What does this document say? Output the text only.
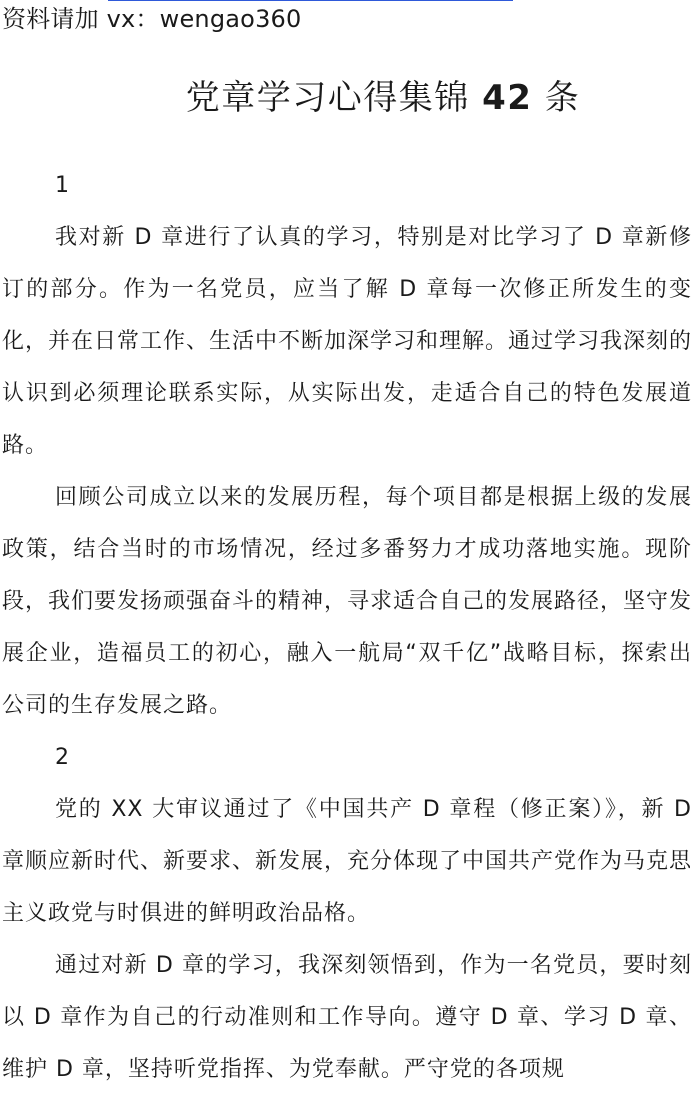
资料请加 vx：wengao360
党章学习心得集锦 42 条

1

我对新 D 章进行了认真的学习，特别是对比学习了 D 章新修订的部分。作为一名党员，应当了解 D 章每一次修正所发生的变化，并在日常工作、生活中不断加深学习和理解。通过学习我深刻的认识到必须理论联系实际，从实际出发，走适合自己的特色发展道路。

回顾公司成立以来的发展历程，每个项目都是根据上级的发展政策，结合当时的市场情况，经过多番努力才成功落地实施。现阶段，我们要发扬顽强奋斗的精神，寻求适合自己的发展路径，坚守发展企业，造福员工的初心，融入一航局“双千亿”战略目标，探索出公司的生存发展之路。

2

党的 XX 大审议通过了《中国共产 D 章程（修正案）》，新 D 章顺应新时代、新要求、新发展，充分体现了中国共产党作为马克思主义政党与时俱进的鲜明政治品格。

通过对新 D 章的学习，我深刻领悟到，作为一名党员，要时刻以 D 章作为自己的行动准则和工作导向。遵守 D 章、学习 D 章、维护 D 章，坚持听党指挥、为党奉献。严守党的各项规
